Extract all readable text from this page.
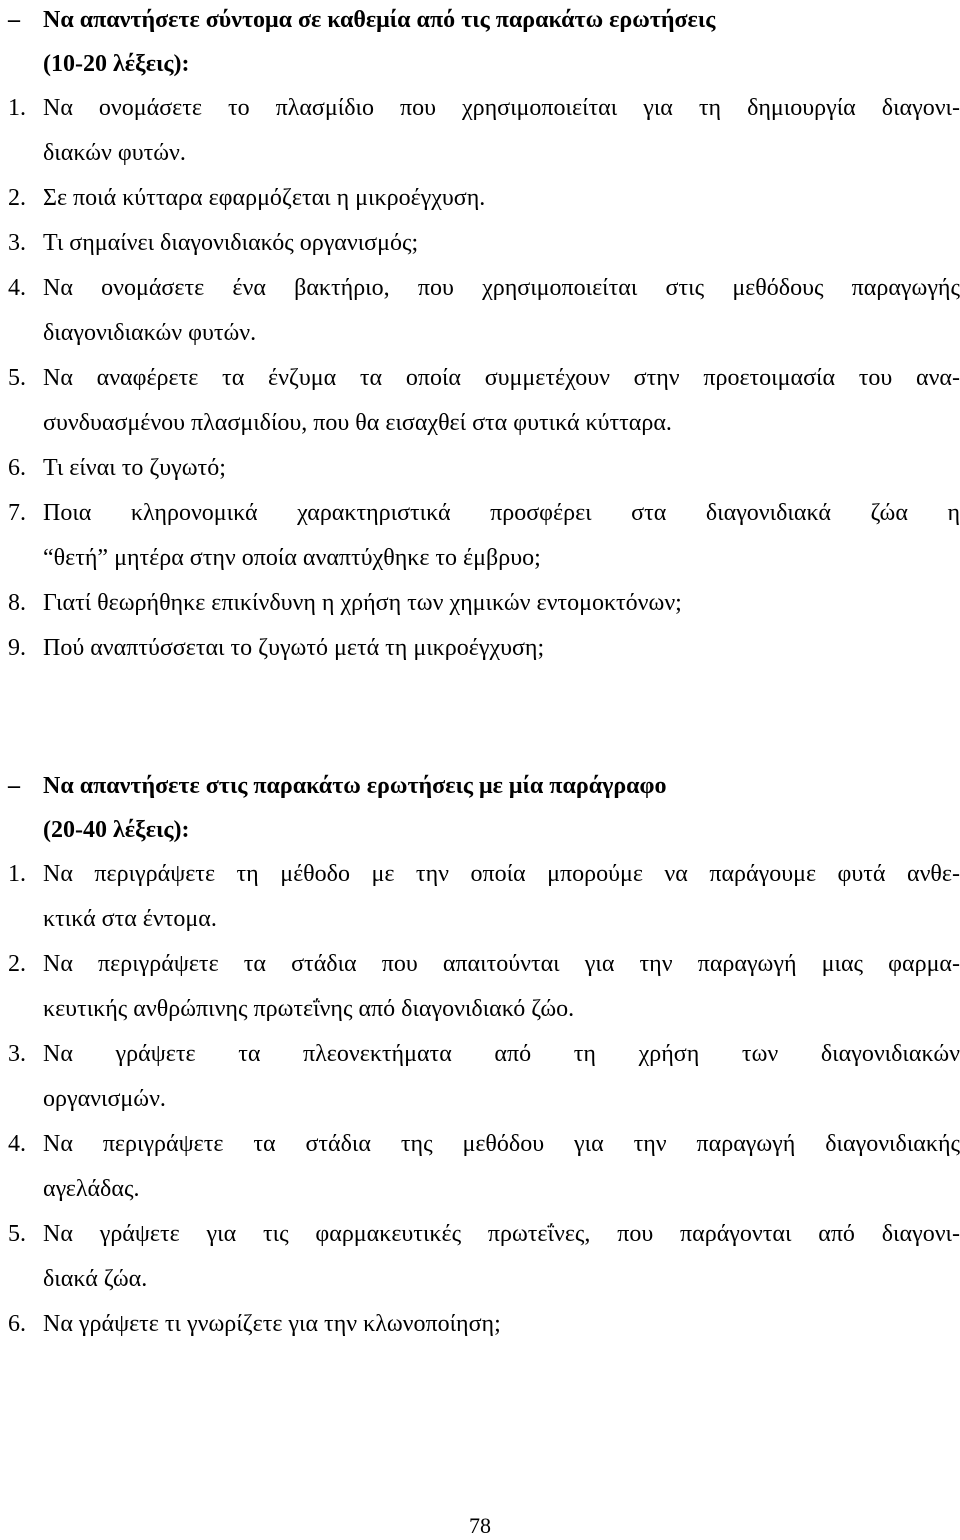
– Να απαντήσετε σύντομα σε καθεμία από τις παρακάτω ερωτήσεις
(10-20 λέξεις):
1. Να ονομάσετε το πλασμίδιο που χρησιμοποιείται για τη δημιουργία διαγονι-
διακών φυτών.
2. Σε ποιά κύτταρα εφαρμόζεται η μικροέγχυση.
3. Τι σημαίνει διαγονιδιακός οργανισμός;
4. Να ονομάσετε ένα βακτήριο, που χρησιμοποιείται στις μεθόδους παραγωγής
διαγονιδιακών φυτών.
5. Να αναφέρετε τα ένζυμα τα οποία συμμετέχουν στην προετοιμασία του ανα-
συνδυασμένου πλασμιδίου, που θα εισαχθεί στα φυτικά κύτταρα.
6. Τι είναι το ζυγωτό;
7. Ποια κληρονομικά χαρακτηριστικά προσφέρει στα διαγονιδιακά ζώα η
“θετή” μητέρα στην οποία αναπτύχθηκε το έμβρυο;
8. Γιατί θεωρήθηκε επικίνδυνη η χρήση των χημικών εντομοκτόνων;
9. Πού αναπτύσσεται το ζυγωτό μετά τη μικροέγχυση;
– Να απαντήσετε στις παρακάτω ερωτήσεις με μία παράγραφο
(20-40 λέξεις):
1. Να περιγράψετε τη μέθοδο με την οποία μπορούμε να παράγουμε φυτά ανθε-
κτικά στα έντομα.
2. Να περιγράψετε τα στάδια που απαιτούνται για την παραγωγή μιας φαρμα-
κευτικής ανθρώπινης πρωτεΐνης από διαγονιδιακό ζώο.
3. Να γράψετε τα πλεονεκτήματα από τη χρήση των διαγονιδιακών
οργανισμών.
4. Να περιγράψετε τα στάδια της μεθόδου για την παραγωγή διαγονιδιακής
αγελάδας.
5. Να γράψετε για τις φαρμακευτικές πρωτεΐνες, που παράγονται από διαγονι-
διακά ζώα.
6. Να γράψετε τι γνωρίζετε για την κλωνοποίηση;
78
